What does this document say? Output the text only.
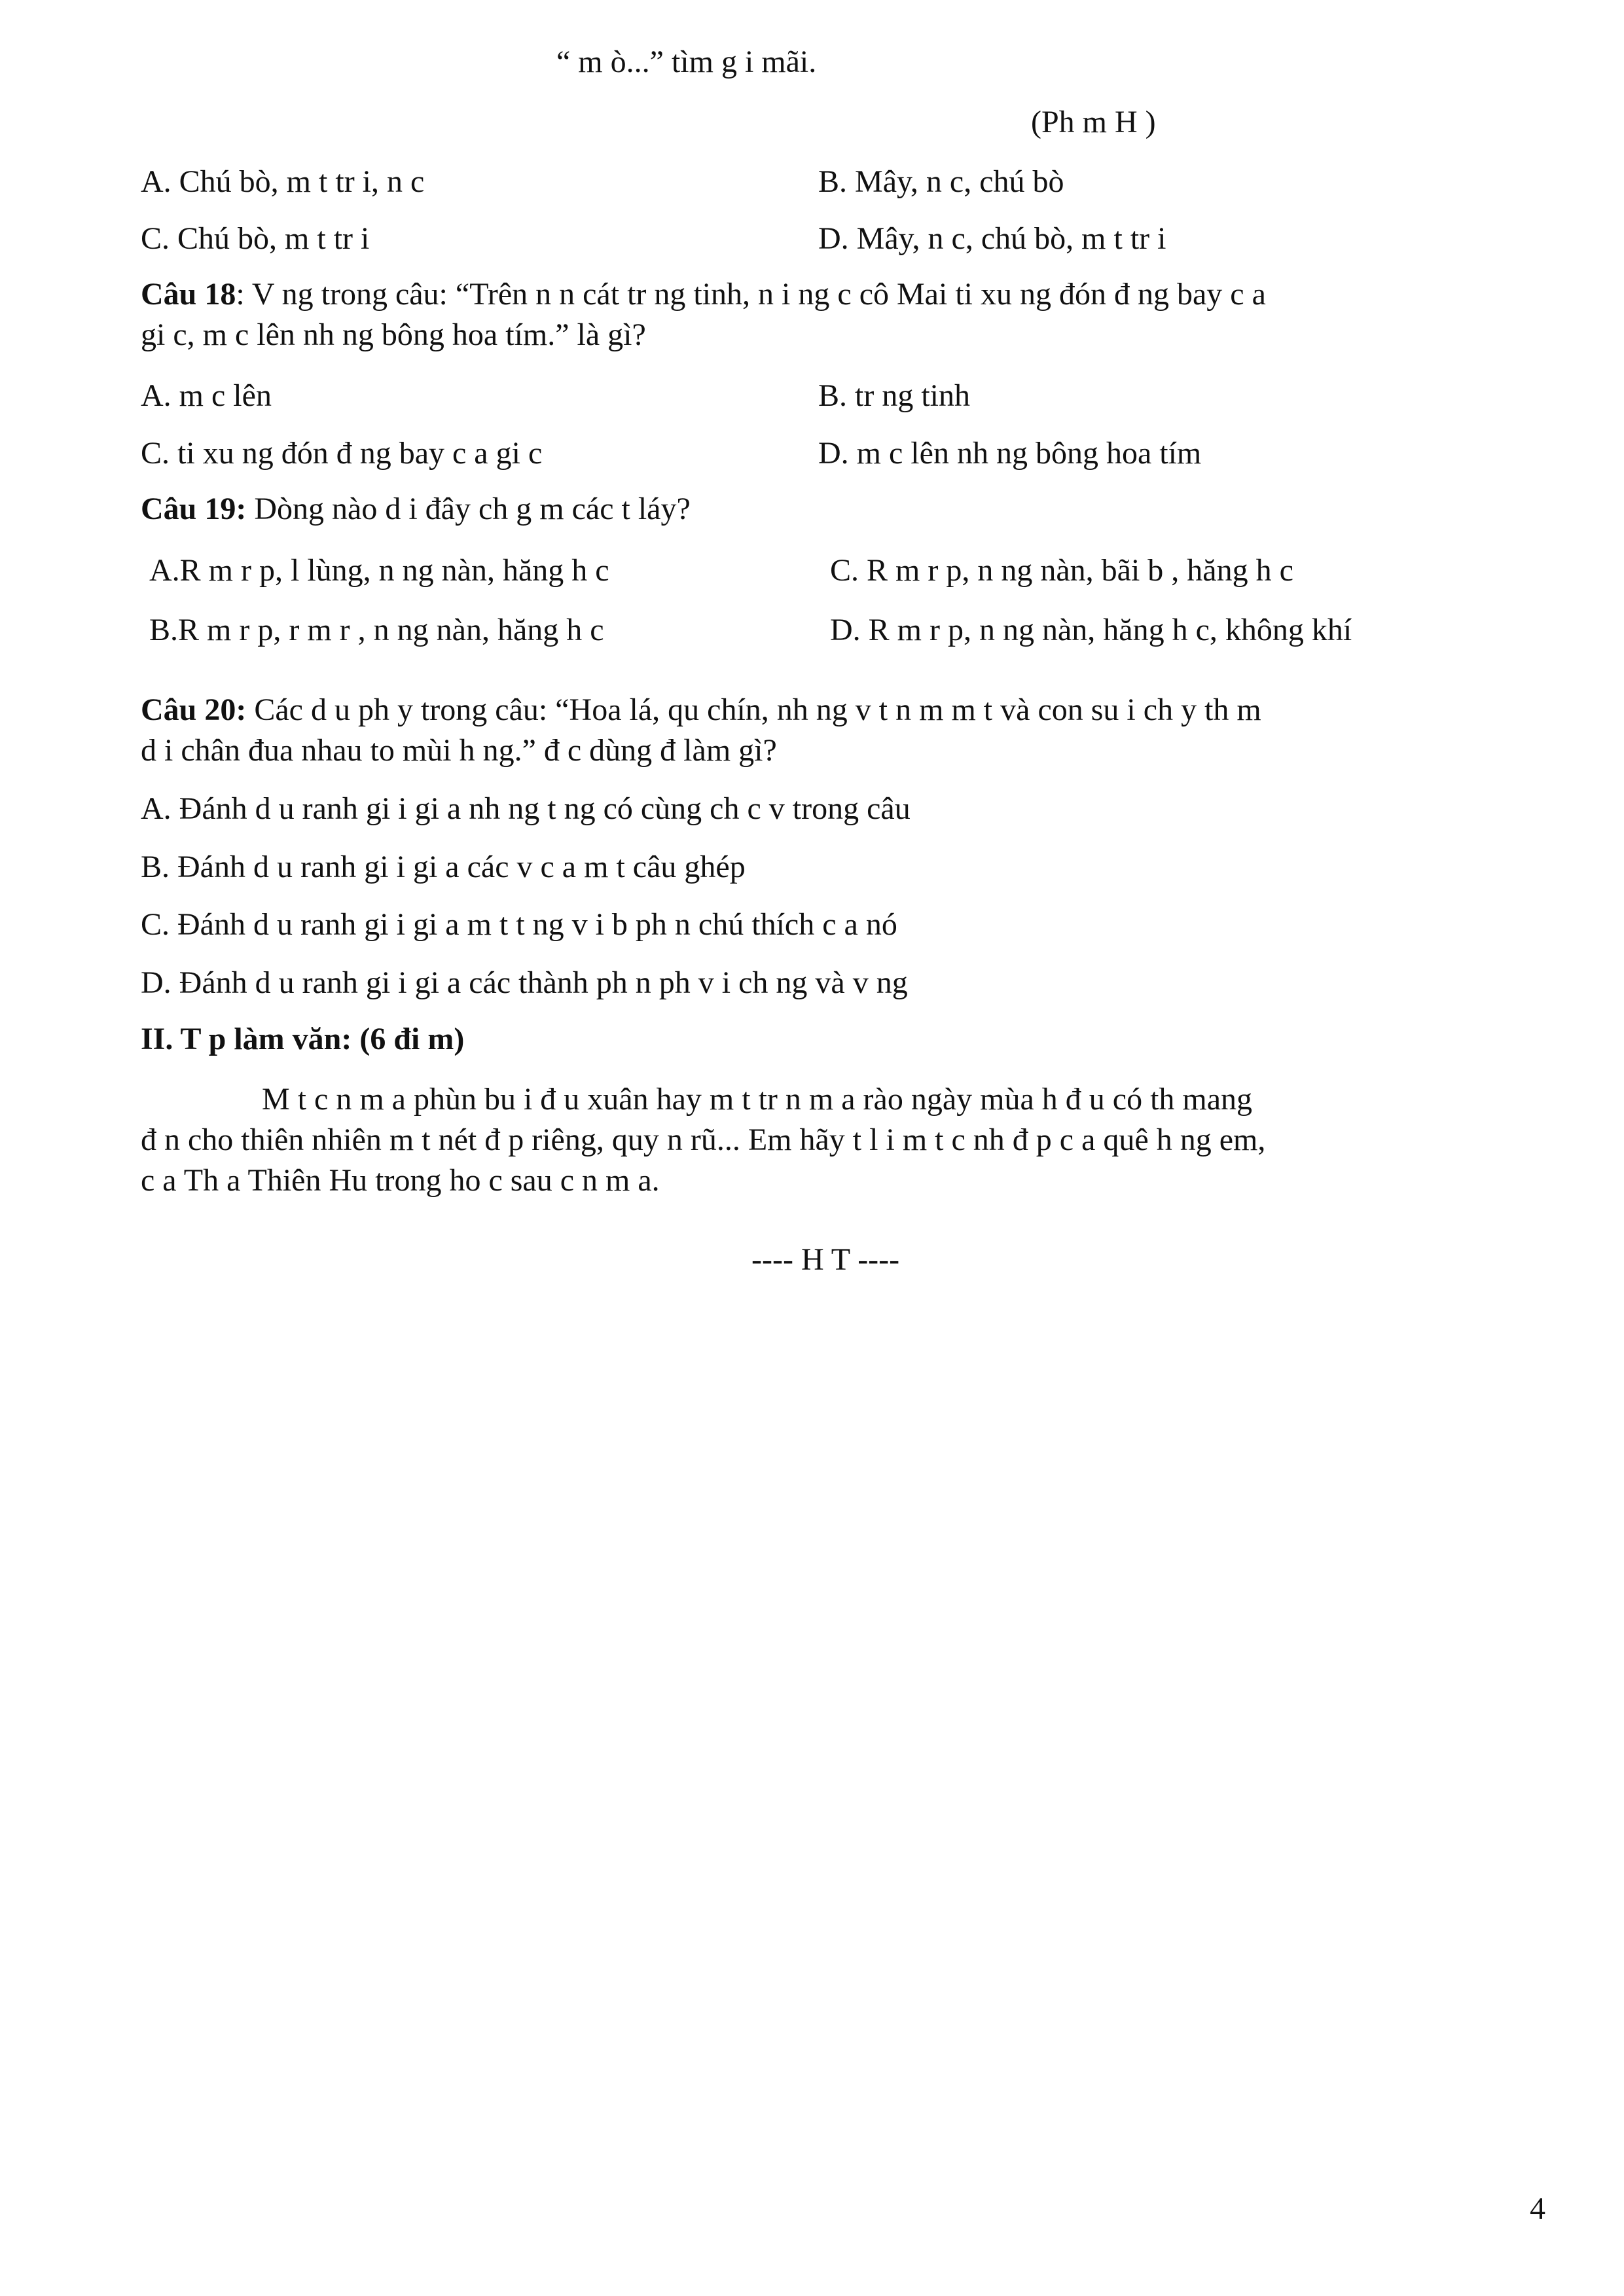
“ m ò...” tìm g i mãi.
(Ph m H )
A. Chú bò, m t tr i, n c	B. Mây, n c, chú bò
C. Chú bò, m t tr i	D. Mây, n c, chú bò, m t tr i
Câu 18: V ng trong câu: “Trên n n cát tr ng tinh, n i ng c cô Mai ti xu ng đón đ ng bay c a
gi c, m c lên nh ng bông hoa tím.” là gì?
A. m c lên	B. tr ng tinh
C. ti xu ng đón đ ng bay c a gi c	D. m c lên nh ng bông hoa tím
Câu 19: Dòng nào d i đây ch g m các t láy?
A.R m r p, l lùng, n ng nàn, hăng h c	C. R m r p, n ng nàn, bãi b , hăng h c
B.R m r p, r m r , n ng nàn, hăng h c	D. R m r p, n ng nàn, hăng h c, không khí
Câu 20: Các d u ph y trong câu: “Hoa lá, qu chín, nh ng v t n m m t và con su i ch y th m
d i chân đua nhau to mùi h ng.” đ c dùng đ làm gì?
A. Đánh d u ranh gi i gi a nh ng t ng có cùng ch c v trong câu
B. Đánh d u ranh gi i gi a các v c a m t câu ghép
C. Đánh d u ranh gi i gi a m t t ng v i b ph n chú thích c a nó
D. Đánh d u ranh gi i gi a các thành ph n ph v i ch ng và v ng
II. T p làm văn: (6 đi m)
M t c n m a phùn bu i đ u xuân hay m t tr n m a rào ngày mùa h đ u có th mang
đ n cho thiên nhiên m t nét đ p riêng, quy n rũ... Em hãy t l i m t c nh đ p c a quê h ng em,
c a Th a Thiên Hu trong ho c sau c n m a.
---- H T ----
4
